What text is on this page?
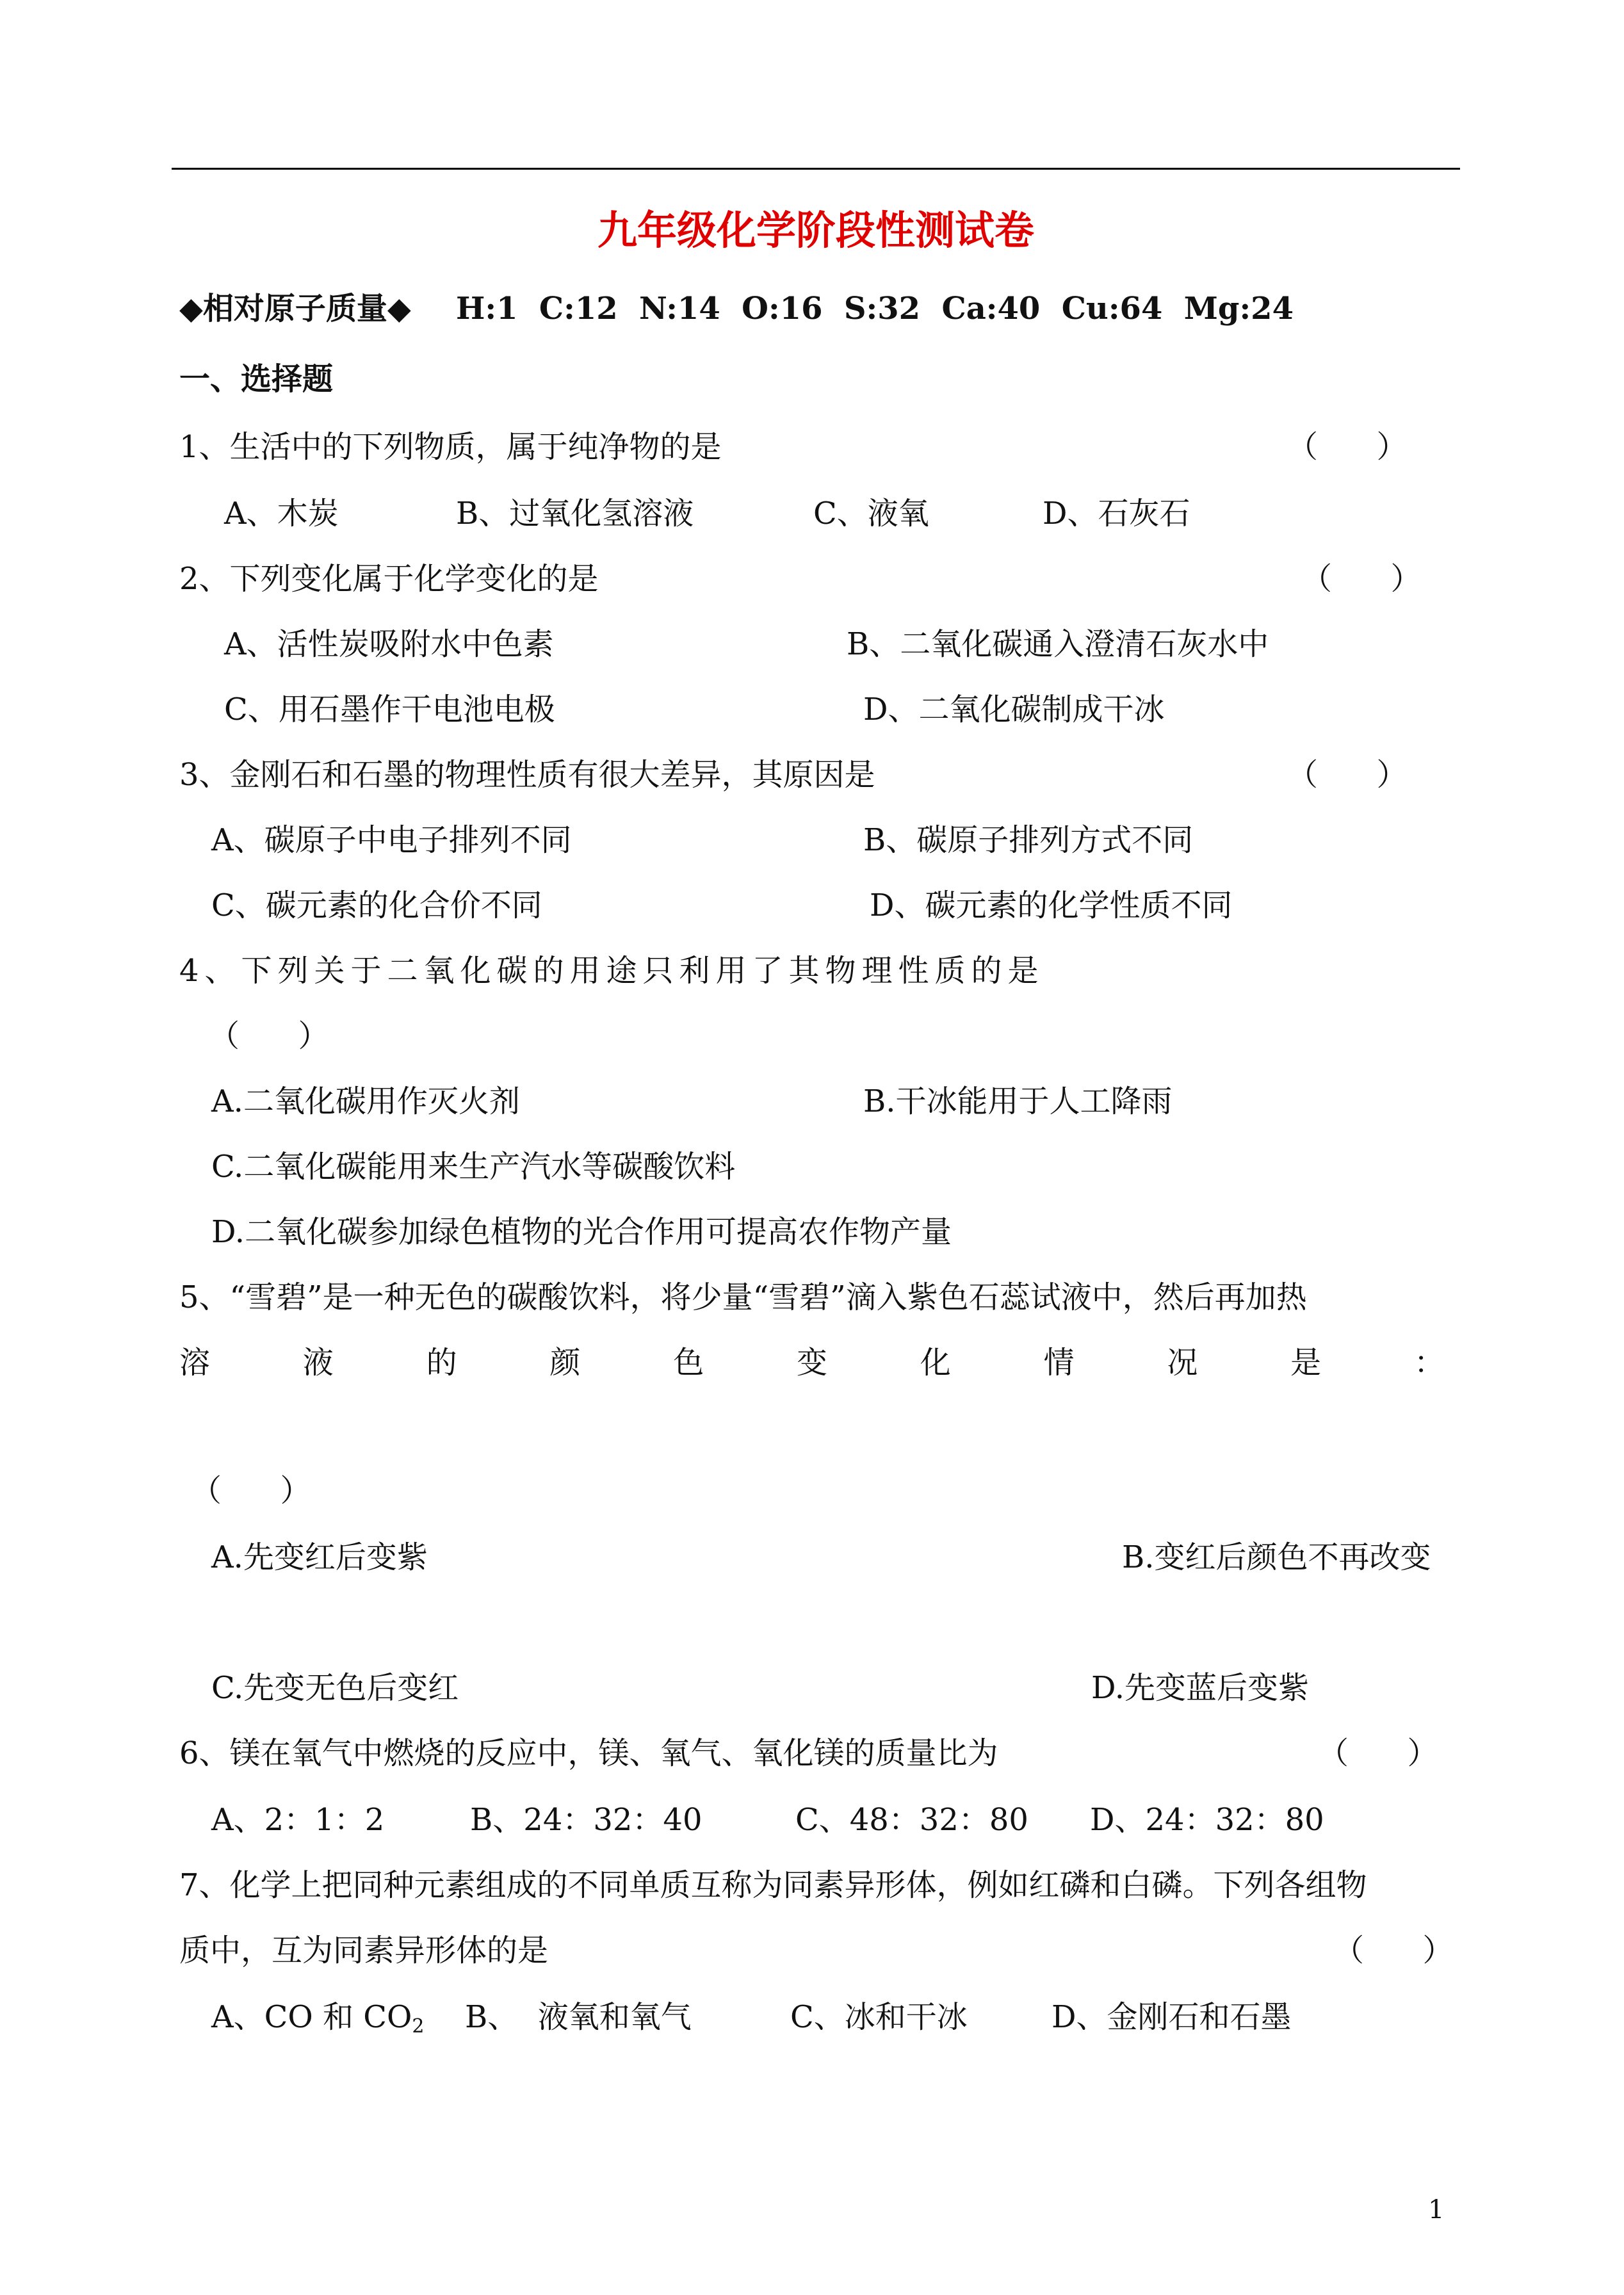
九年级化学阶段性测试卷
◆相对原子质量◆ H:1  C:12  N:14  O:16  S:32  Ca:40  Cu:64  Mg:24
一、选择题
1、生活中的下列物质，属于纯净物的是	（      ）
A、木炭	B、过氧化氢溶液	C、液氧	D、石灰石
2、下列变化属于化学变化的是	（      ）
A、活性炭吸附水中色素	B、二氧化碳通入澄清石灰水中
C、用石墨作干电池电极	D、二氧化碳制成干冰
3、金刚石和石墨的物理性质有很大差异，其原因是	（      ）
A、碳原子中电子排列不同	B、碳原子排列方式不同
C、碳元素的化合价不同	D、碳元素的化学性质不同
4、下列关于二氧化碳的用途只利用了其物理性质的是
（      ）
A.二氧化碳用作灭火剂	B.干冰能用于人工降雨
C.二氧化碳能用来生产汽水等碳酸饮料
D.二氧化碳参加绿色植物的光合作用可提高农作物产量
5、“雪碧”是一种无色的碳酸饮料，将少量“雪碧”滴入紫色石蕊试液中，然后再加热
溶	液	的	颜	色	变	化	情	况	是	：
（      ）
A.先变红后变紫	B.变红后颜色不再改变
C.先变无色后变红	D.先变蓝后变紫
6、镁在氧气中燃烧的反应中，镁、氧气、氧化镁的质量比为	（      ）
A、2：1：2	B、24：32：40	C、48：32：80 D、24：32：80
7、化学上把同种元素组成的不同单质互称为同素异形体，例如红磷和白磷。下列各组物
质中，互为同素异形体的是	（      ）
A、CO 和 $CO_2$ B、  液氧和氧气	C、冰和干冰	D、金刚石和石墨
1
